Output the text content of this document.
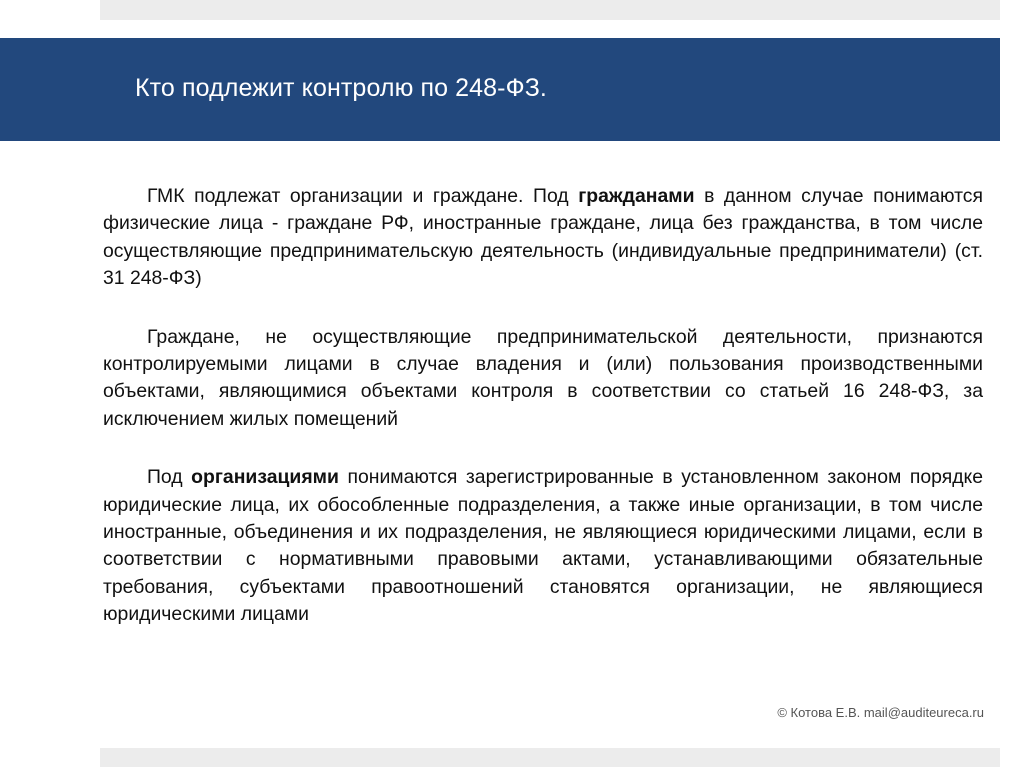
Кто подлежит контролю по 248-ФЗ.

ГМК подлежат организации и граждане. Под гражданами в данном случае понимаются физические лица - граждане РФ, иностранные граждане, лица без гражданства, в том числе осуществляющие предпринимательскую деятельность (индивидуальные предприниматели) (ст. 31 248-ФЗ)

Граждане, не осуществляющие предпринимательской деятельности, признаются контролируемыми лицами в случае владения и (или) пользования производственными объектами, являющимися объектами контроля в соответствии со статьей 16 248-ФЗ, за исключением жилых помещений

Под организациями понимаются зарегистрированные в установленном законом порядке юридические лица, их обособленные подразделения, а также иные организации, в том числе иностранные, объединения и их подразделения, не являющиеся юридическими лицами, если в соответствии с нормативными правовыми актами, устанавливающими обязательные требования, субъектами правоотношений становятся организации, не являющиеся юридическими лицами

© Котова Е.В. mail@auditeureca.ru
